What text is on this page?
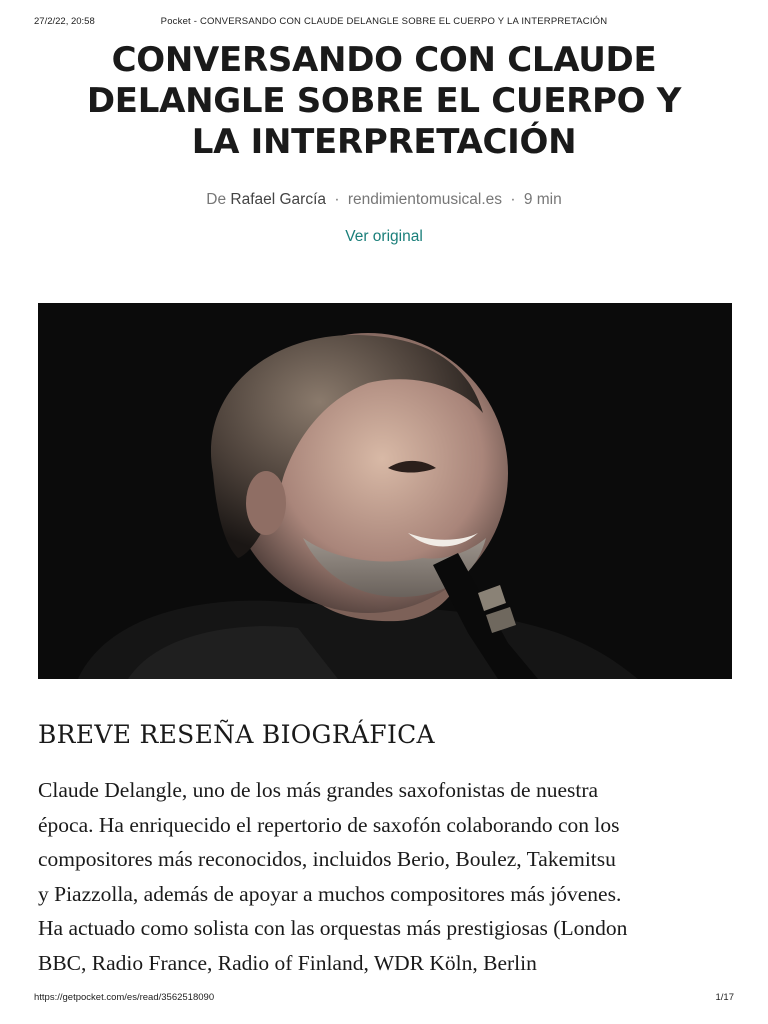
27/2/22, 20:58	Pocket - CONVERSANDO CON CLAUDE DELANGLE SOBRE EL CUERPO Y LA INTERPRETACIÓN
CONVERSANDO CON CLAUDE
DELANGLE SOBRE EL CUERPO Y
LA INTERPRETACIÓN
De Rafael García · rendimientomusical.es · 9 min
Ver original
BREVE RESEÑA BIOGRÁFICA
Claude Delangle, uno de los más grandes saxofonistas de nuestra
época. Ha enriquecido el repertorio de saxofón colaborando con los
compositores más reconocidos, incluidos Berio, Boulez, Takemitsu
y Piazzolla, además de apoyar a muchos compositores más jóvenes.
Ha actuado como solista con las orquestas más prestigiosas (London
BBC, Radio France, Radio of Finland, WDR Köln, Berlin
https://getpocket.com/es/read/3562518090	1/17
